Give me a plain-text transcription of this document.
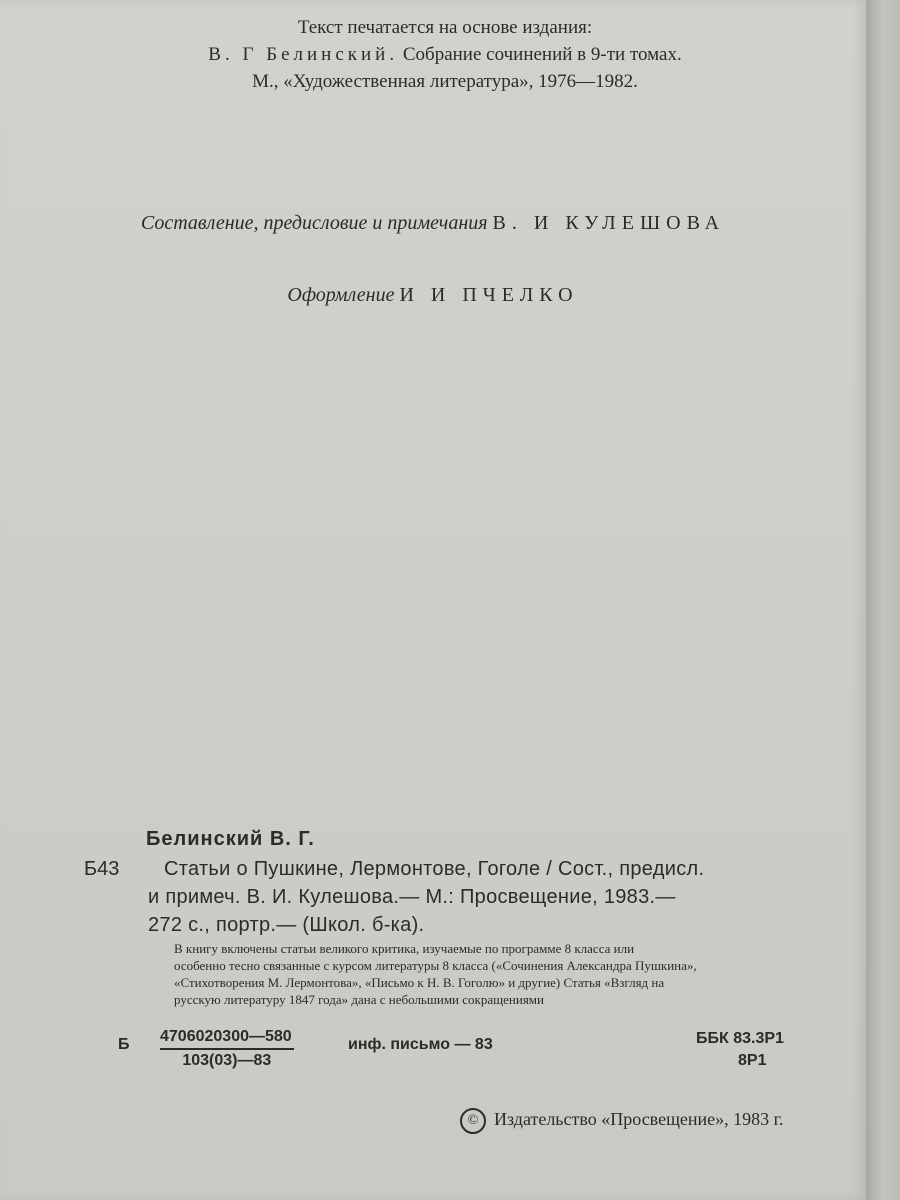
Текст печатается на основе издания:
В. Г Белинский. Собрание сочинений в 9-ти томах.
М., «Художественная литература», 1976—1982.
Составление, предисловие и примечания В. И КУЛЕШОВА
Оформление И И ПЧЕЛКО
Белинский В. Г.
Б43 Статьи о Пушкине, Лермонтове, Гоголе / Сост., предисл.
и примеч. В. И. Кулешова.— М.: Просвещение, 1983.—
272 с., портр.— (Школ. б-ка).
В книгу включены статьи великого критика, изучаемые по программе 8 класса или
особенно тесно связанные с курсом литературы 8 класса («Сочинения Александра Пушкина»,
«Стихотворения М. Лермонтова», «Письмо к Н. В. Гоголю» и другие) Статья «Взгляд на
русскую литературу 1847 года» дана с небольшими сокращениями
Б $\frac{4706020300—580}{103(03)—83}$	инф. письмо — 83	ББК 83.3Р1
8Р1
© Издательство «Просвещение», 1983 г.
